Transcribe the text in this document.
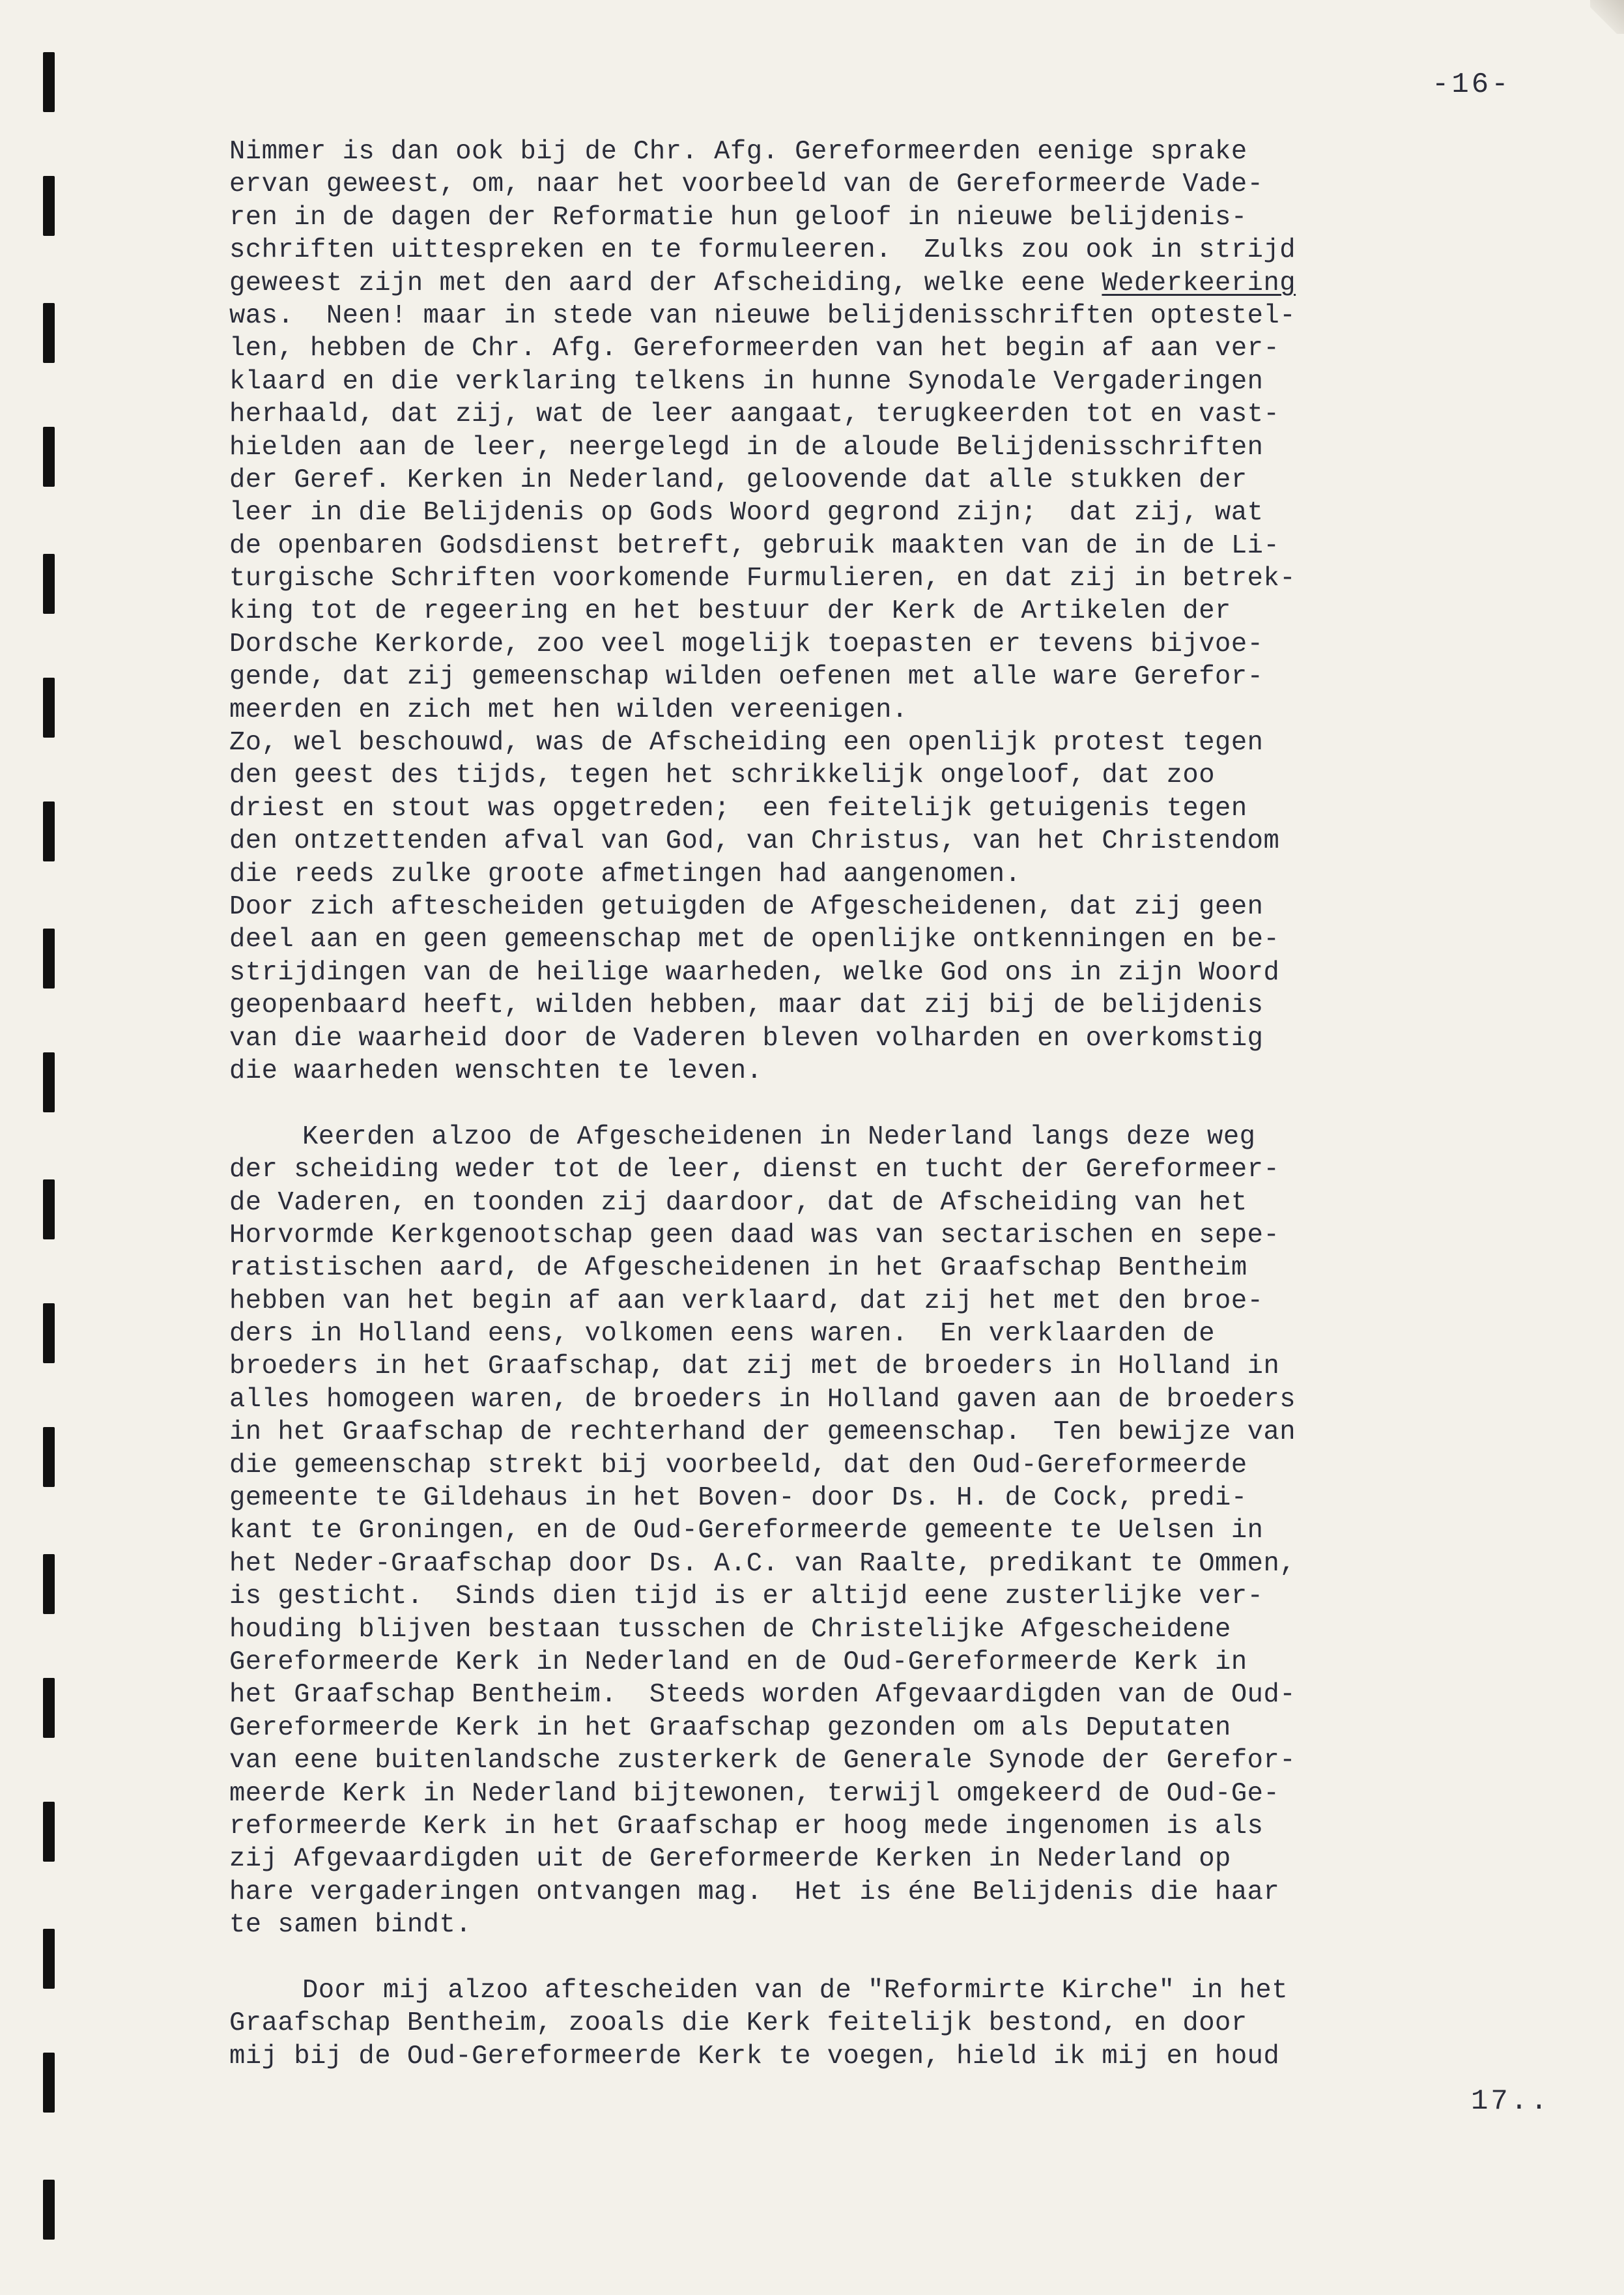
-16-
Nimmer is dan ook bij de Chr. Afg. Gereformeerden eenige sprake
ervan geweest, om, naar het voorbeeld van de Gereformeerde Vade-
ren in de dagen der Reformatie hun geloof in nieuwe belijdenis-
schriften uittespreken en te formuleeren.  Zulks zou ook in strijd
geweest zijn met den aard der Afscheiding, welke eene Wederkeering
was.  Neen! maar in stede van nieuwe belijdenisschriften optestel-
len, hebben de Chr. Afg. Gereformeerden van het begin af aan ver-
klaard en die verklaring telkens in hunne Synodale Vergaderingen
herhaald, dat zij, wat de leer aangaat, terugkeerden tot en vast-
hielden aan de leer, neergelegd in de aloude Belijdenisschriften
der Geref. Kerken in Nederland, geloovende dat alle stukken der
leer in die Belijdenis op Gods Woord gegrond zijn;  dat zij, wat
de openbaren Godsdienst betreft, gebruik maakten van de in de Li-
turgische Schriften voorkomende Furmulieren, en dat zij in betrek-
king tot de regeering en het bestuur der Kerk de Artikelen der
Dordsche Kerkorde, zoo veel mogelijk toepasten er tevens bijvoe-
gende, dat zij gemeenschap wilden oefenen met alle ware Gerefor-
meerden en zich met hen wilden vereenigen.
Zo, wel beschouwd, was de Afscheiding een openlijk protest tegen
den geest des tijds, tegen het schrikkelijk ongeloof, dat zoo
driest en stout was opgetreden;  een feitelijk getuigenis tegen
den ontzettenden afval van God, van Christus, van het Christendom
die reeds zulke groote afmetingen had aangenomen.
Door zich aftescheiden getuigden de Afgescheidenen, dat zij geen
deel aan en geen gemeenschap met de openlijke ontkenningen en be-
strijdingen van de heilige waarheden, welke God ons in zijn Woord
geopenbaard heeft, wilden hebben, maar dat zij bij de belijdenis
van die waarheid door de Vaderen bleven volharden en overkomstig
die waarheden wenschten te leven.
Keerden alzoo de Afgescheidenen in Nederland langs deze weg
der scheiding weder tot de leer, dienst en tucht der Gereformeer-
de Vaderen, en toonden zij daardoor, dat de Afscheiding van het
Horvormde Kerkgenootschap geen daad was van sectarischen en sepe-
ratistischen aard, de Afgescheidenen in het Graafschap Bentheim
hebben van het begin af aan verklaard, dat zij het met den broe-
ders in Holland eens, volkomen eens waren.  En verklaarden de
broeders in het Graafschap, dat zij met de broeders in Holland in
alles homogeen waren, de broeders in Holland gaven aan de broeders
in het Graafschap de rechterhand der gemeenschap.  Ten bewijze van
die gemeenschap strekt bij voorbeeld, dat den Oud-Gereformeerde
gemeente te Gildehaus in het Boven- door Ds. H. de Cock, predi-
kant te Groningen, en de Oud-Gereformeerde gemeente te Uelsen in
het Neder-Graafschap door Ds. A.C. van Raalte, predikant te Ommen,
is gesticht.  Sinds dien tijd is er altijd eene zusterlijke ver-
houding blijven bestaan tusschen de Christelijke Afgescheidene
Gereformeerde Kerk in Nederland en de Oud-Gereformeerde Kerk in
het Graafschap Bentheim.  Steeds worden Afgevaardigden van de Oud-
Gereformeerde Kerk in het Graafschap gezonden om als Deputaten
van eene buitenlandsche zusterkerk de Generale Synode der Gerefor-
meerde Kerk in Nederland bijtewonen, terwijl omgekeerd de Oud-Ge-
reformeerde Kerk in het Graafschap er hoog mede ingenomen is als
zij Afgevaardigden uit de Gereformeerde Kerken in Nederland op
hare vergaderingen ontvangen mag.  Het is éne Belijdenis die haar
te samen bindt.
Door mij alzoo aftescheiden van de "Reformirte Kirche" in het
Graafschap Bentheim, zooals die Kerk feitelijk bestond, en door
mij bij de Oud-Gereformeerde Kerk te voegen, hield ik mij en houd
17..
